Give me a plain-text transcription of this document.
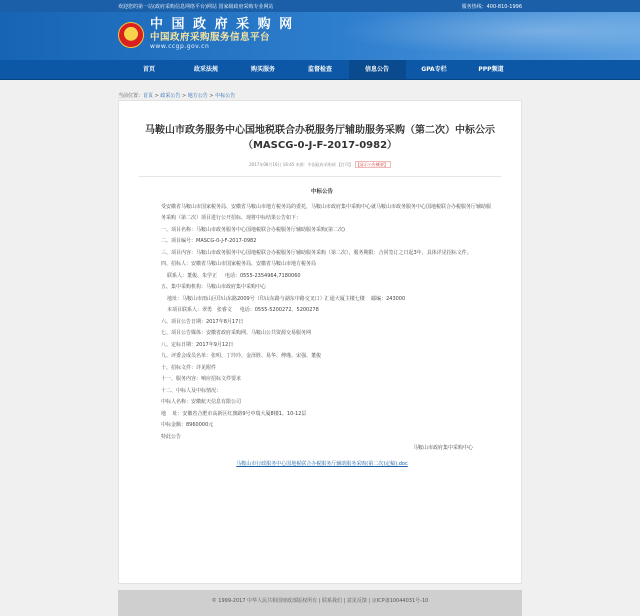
欢迎您的第一站(政府采购信息网络平台)网站 国家级政府采购专业网站	服务热线：400-810-1996
中 国 政 府 采 购 网
中国政府采购服务信息平台
www.ccgp.gov.cn
首页	政采法规	购买服务	监督检查	信息公告	GPA专栏	PPP频道
当前位置：首页 > 政采公告 > 地方公告 > 中标公告
马鞍山市政务服务中心国地税联合办税服务厅辅助服务采购（第二次）中标公示（MASCG-0-J-F-2017-0982）
2017年08月16日 16:45 来源：中国政府采购网 【打印】 【显示公告概要】
中标公告
受安徽省马鞍山市国家税务局、安徽省马鞍山市地方税务局的委托，马鞍山市政府集中采购中心就马鞍山市政务服务中心国地税联合办税服务厅辅助服务采购（第二次）项目进行公开招标，现将中标结果公告如下：
一、项目名称：马鞍山市政务服务中心国地税联合办税服务厅辅助服务采购(第二次)
二、项目编号：MASCG-0-J-F-2017-0982
三、项目内容：马鞍山市政务服务中心国地税联合办税服务厅辅助服务采购（第二次），服务期限：合同签订之日起3年，具体详见招标文件。
四、招标人：安徽省马鞍山市国家税务局、安徽省马鞍山市地方税务局
联系人：董俊、朱学正     电话：0555-2354964,7180060
五、集中采购机构：马鞍山市政府集中采购中心
地址：马鞍山市雨山区印山东路2009号（印山东路与湖东中路交叉口）汇通大厦主楼七楼    邮编：243000
本项目联系人：翠勇   张睿文     电话：0555-5200272、5200278
六、项目公告日期：2017年8月17日
七、项目公告媒体：安徽省政府采购网、马鞍山公共资源交易服务网
八、定标日期：2017年9月12日
九、评委会成员名单：张明、丁玲玲、金泽胜、易华、傅瑾、宋强、董俊
十、招标文件：详见附件
十一、服务内容：响应招标文件要求
十二、中标人及中标情况：
中标人名称：安徽航天信息有限公司
地    址：安徽省合肥市高新区红旗路9号中瑞大厦8楼1、10-12层
中标金额：8960000元
特此公告
马鞍山市政府集中采购中心
马鞍山市行政服务中心国地税联合办税服务厅辅助服务采购(第二次)定稿).doc
© 1999-2017 中华人民共和国财政部版权所有 | 联系我们 | 意见反馈 | 京ICP备10044031号-10
